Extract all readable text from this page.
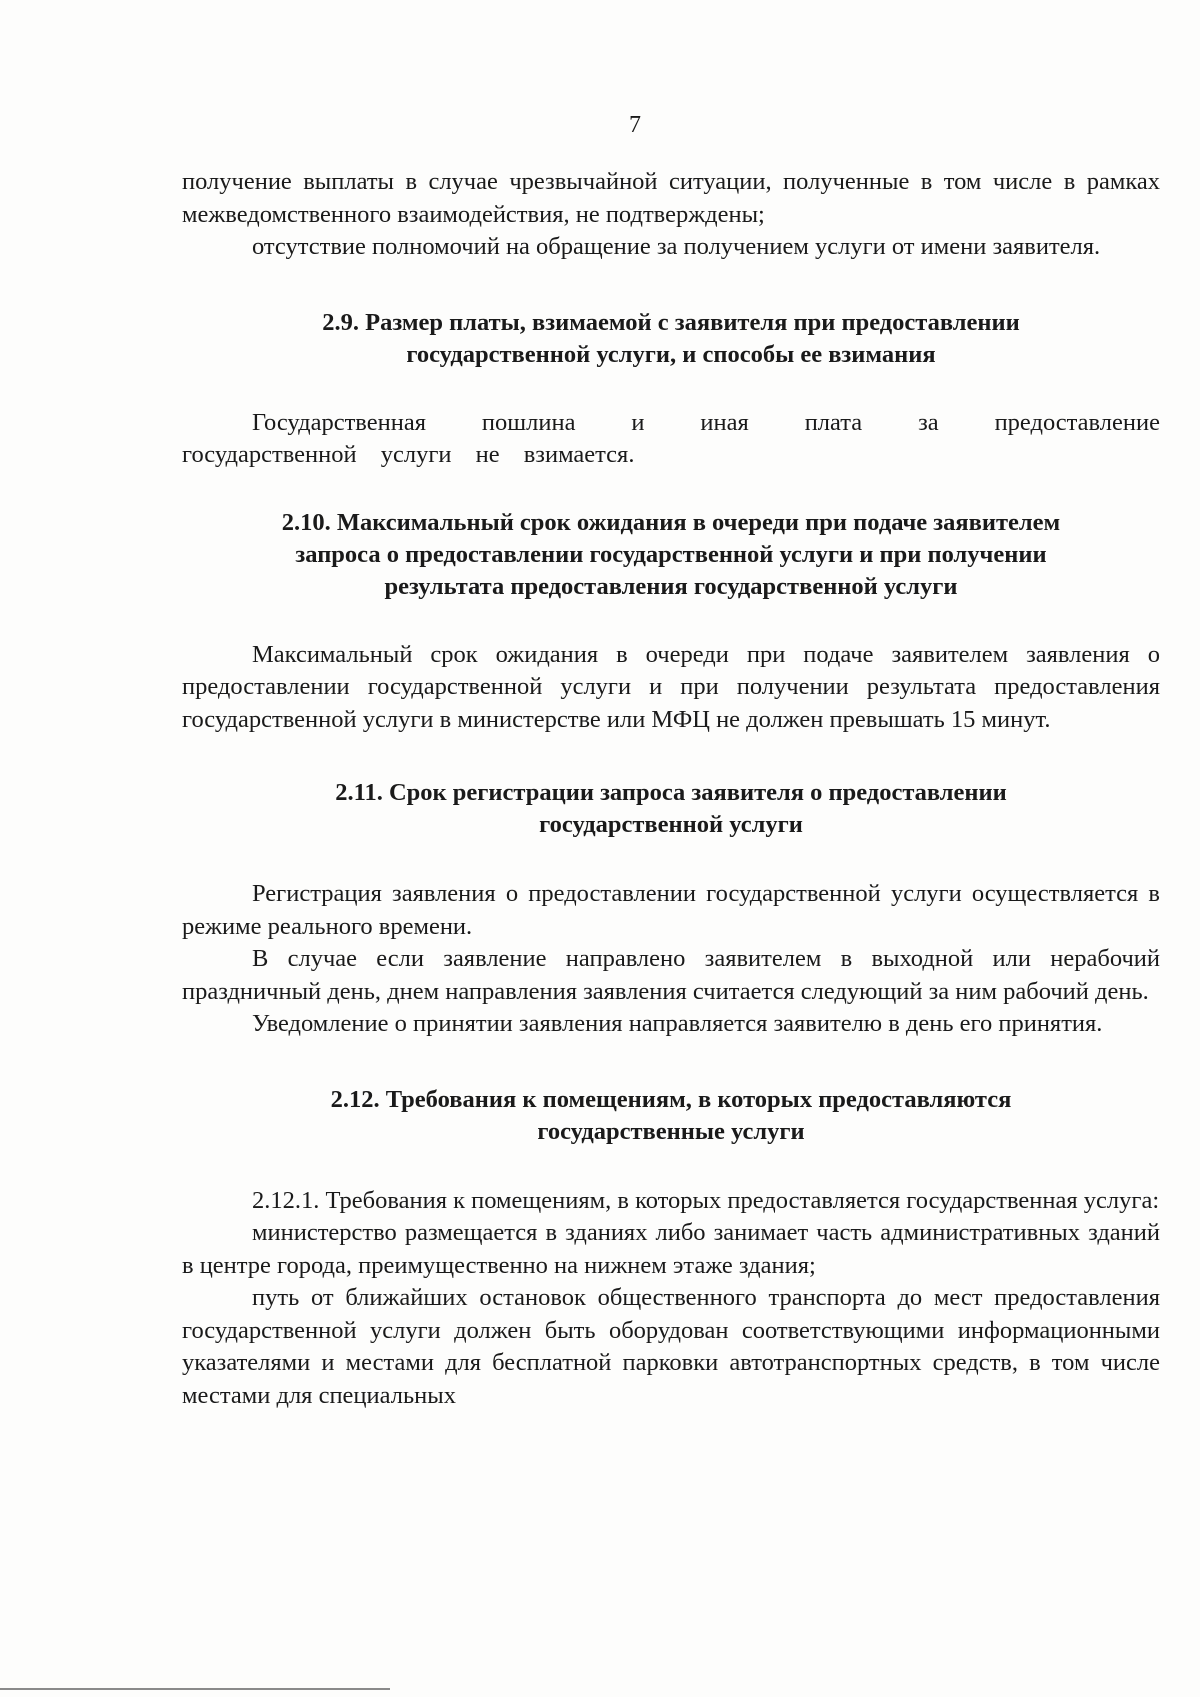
7

получение выплаты в случае чрезвычайной ситуации, полученные в том числе в рамках межведомственного взаимодействия, не подтверждены;

отсутствие полномочий на обращение за получением услуги от имени заявителя.

2.9. Размер платы, взимаемой с заявителя при предоставлении
государственной услуги, и способы ее взимания

Государственная пошлина и иная плата за предоставление государственной услуги не взимается.

2.10. Максимальный срок ожидания в очереди при подаче заявителем
запроса о предоставлении государственной услуги и при получении
результата предоставления государственной услуги

Максимальный срок ожидания в очереди при подаче заявителем заявления о предоставлении государственной услуги и при получении результата предоставления государственной услуги в министерстве или МФЦ не должен превышать 15 минут.

2.11. Срок регистрации запроса заявителя о предоставлении
государственной услуги

Регистрация заявления о предоставлении государственной услуги осуществляется в режиме реального времени.

В случае если заявление направлено заявителем в выходной или нерабочий праздничный день, днем направления заявления считается следующий за ним рабочий день.

Уведомление о принятии заявления направляется заявителю в день его принятия.

2.12. Требования к помещениям, в которых предоставляются
государственные услуги

2.12.1. Требования к помещениям, в которых предоставляется государственная услуга:

министерство размещается в зданиях либо занимает часть административных зданий в центре города, преимущественно на нижнем этаже здания;

путь от ближайших остановок общественного транспорта до мест предоставления государственной услуги должен быть оборудован соответствующими информационными указателями и местами для бесплатной парковки автотранспортных средств, в том числе местами для специальных
